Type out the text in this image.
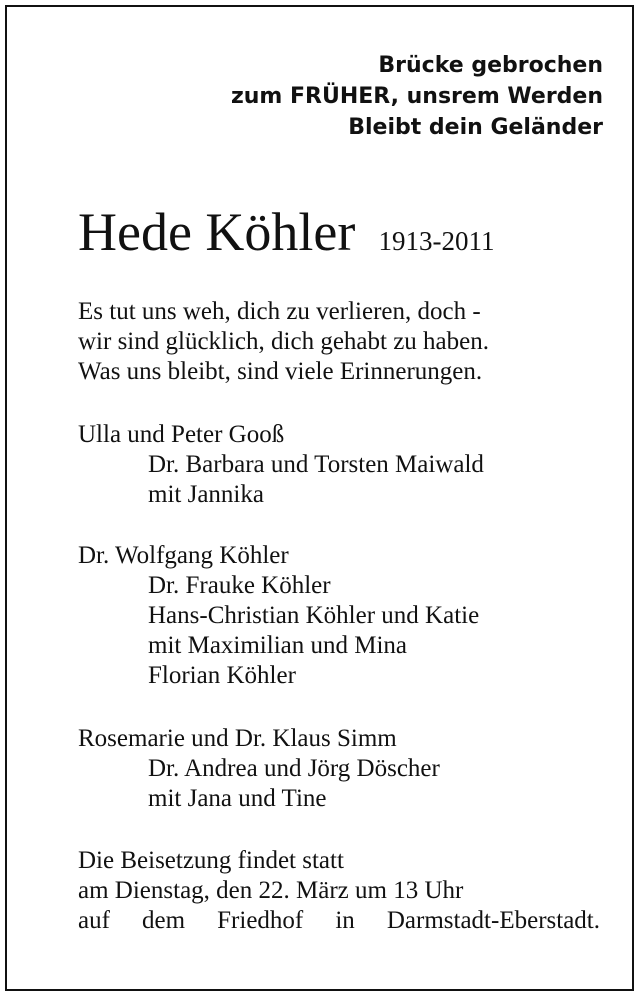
Brücke gebrochen
zum FRÜHER, unsrem Werden
Bleibt dein Geländer
Hede Köhler 1913-2011
Es tut uns weh, dich zu verlieren, doch -
wir sind glücklich, dich gehabt zu haben.
Was uns bleibt, sind viele Erinnerungen.
Ulla und Peter Gooß
Dr. Barbara und Torsten Maiwald
mit Jannika
Dr. Wolfgang Köhler
Dr. Frauke Köhler
Hans-Christian Köhler und Katie
mit Maximilian und Mina
Florian Köhler
Rosemarie und Dr. Klaus Simm
Dr. Andrea und Jörg Döscher
mit Jana und Tine
Die Beisetzung findet statt
am Dienstag, den 22. März um 13 Uhr
auf dem Friedhof in Darmstadt-Eberstadt.
